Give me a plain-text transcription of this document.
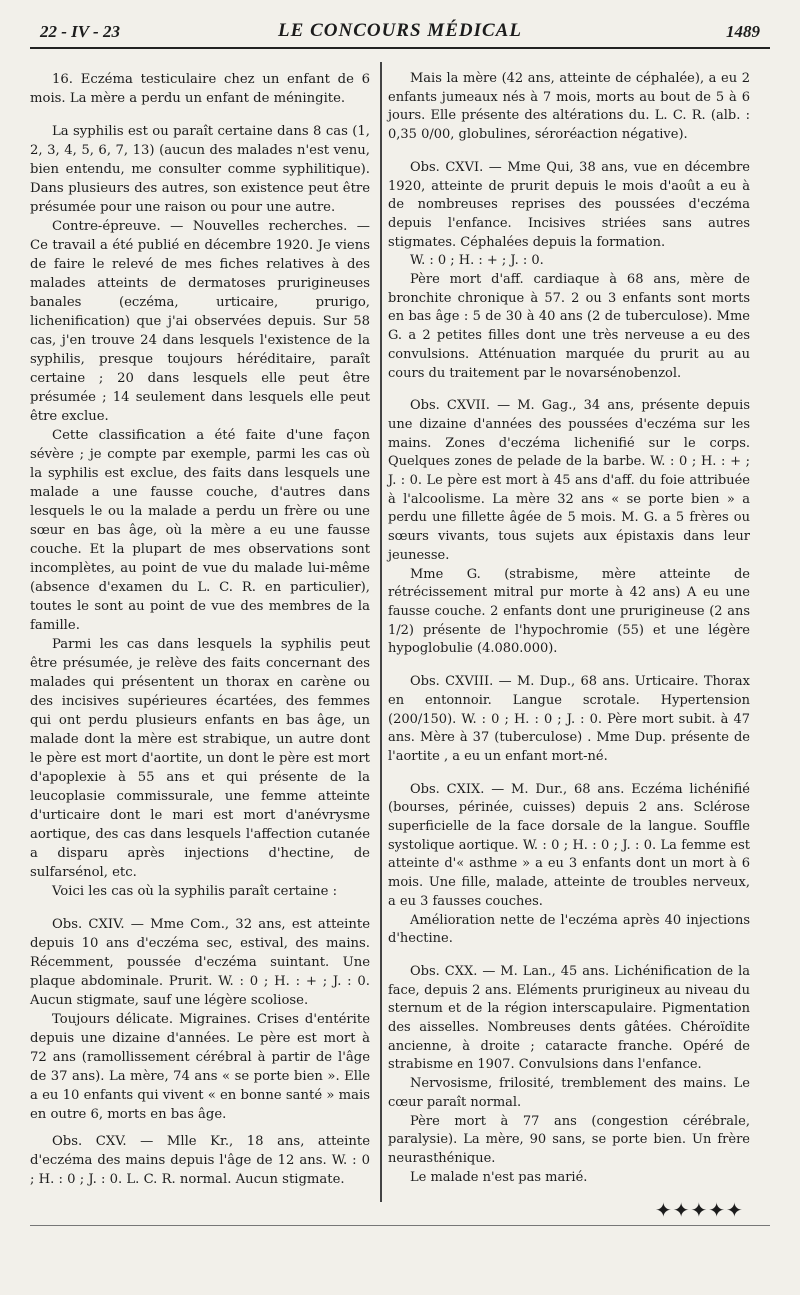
22 - IV - 23	LE CONCOURS MÉDICAL	1489

16. Eczéma testiculaire chez un enfant de 6 mois. La mère a perdu un enfant de méningite.

La syphilis est ou paraît certaine dans 8 cas (1, 2, 3, 4, 5, 6, 7, 13) (aucun des malades n'est venu, bien entendu, me consulter comme syphilitique). Dans plusieurs des autres, son existence peut être présumée pour une raison ou pour une autre.

Contre-épreuve. — Nouvelles recherches. — Ce travail a été publié en décembre 1920. Je viens de faire le relevé de mes fiches relatives à des malades atteints de dermatoses prurigineuses banales (eczéma, urticaire, prurigo, lichenification) que j'ai observées depuis. Sur 58 cas, j'en trouve 24 dans lesquels l'existence de la syphilis, presque toujours héréditaire, paraît certaine ; 20 dans lesquels elle peut être présumée ; 14 seulement dans lesquels elle peut être exclue.

Cette classification a été faite d'une façon sévère ; je compte par exemple, parmi les cas où la syphilis est exclue, des faits dans lesquels une malade a une fausse couche, d'autres dans lesquels le ou la malade a perdu un frère ou une sœur en bas âge, où la mère a eu une fausse couche. Et la plupart de mes observations sont incomplètes, au point de vue du malade lui-même (absence d'examen du L. C. R. en particulier), toutes le sont au point de vue des membres de la famille.

Parmi les cas dans lesquels la syphilis peut être présumée, je relève des faits concernant des malades qui présentent un thorax en carène ou des incisives supérieures écartées, des femmes qui ont perdu plusieurs enfants en bas âge, un malade dont la mère est strabique, un autre dont le père est mort d'aortite, un dont le père est mort d'apoplexie à 55 ans et qui présente de la leucoplasie commissurale, une femme atteinte d'urticaire dont le mari est mort d'anévrysme aortique, des cas dans lesquels l'affection cutanée a disparu après injections d'hectine, de sulfarsénol, etc.

Voici les cas où la syphilis paraît certaine :

Obs. CXIV. — Mme Com., 32 ans, est atteinte depuis 10 ans d'eczéma sec, estival, des mains. Récemment, poussée d'eczéma suintant. Une plaque abdominale. Prurit. W. : 0 ; H. : + ; J. : 0. Aucun stigmate, sauf une légère scoliose.

Toujours délicate. Migraines. Crises d'entérite depuis une dizaine d'années. Le père est mort à 72 ans (ramollissement cérébral à partir de l'âge de 37 ans). La mère, 74 ans « se porte bien ». Elle a eu 10 enfants qui vivent « en bonne santé » mais en outre 6, morts en bas âge.

Obs. CXV. — Mlle Kr., 18 ans, atteinte d'eczéma des mains depuis l'âge de 12 ans. W. : 0 ; H. : 0 ; J. : 0. L. C. R. normal. Aucun stigmate.

Mais la mère (42 ans, atteinte de céphalée), a eu 2 enfants jumeaux nés à 7 mois, morts au bout de 5 à 6 jours. Elle présente des altérations du. L. C. R. (alb. : 0,35 0/00, globulines, séroréaction négative).

Obs. CXVI. — Mme Qui, 38 ans, vue en décembre 1920, atteinte de prurit depuis le mois d'août a eu à de nombreuses reprises des poussées d'eczéma depuis l'enfance. Incisives striées sans autres stigmates. Céphalées depuis la formation.

W. : 0 ; H. : + ; J. : 0.

Père mort d'aff. cardiaque à 68 ans, mère de bronchite chronique à 57. 2 ou 3 enfants sont morts en bas âge : 5 de 30 à 40 ans (2 de tuberculose). Mme G. a 2 petites filles dont une très nerveuse a eu des convulsions. Atténuation marquée du prurit au au cours du traitement par le novarsénobenzol.

Obs. CXVII. — M. Gag., 34 ans, présente depuis une dizaine d'années des poussées d'eczéma sur les mains. Zones d'eczéma lichenifié sur le corps. Quelques zones de pelade de la barbe. W. : 0 ; H. : + ; J. : 0. Le père est mort à 45 ans d'aff. du foie attribuée à l'alcoolisme. La mère 32 ans « se porte bien » a perdu une fillette âgée de 5 mois. M. G. a 5 frères ou sœurs vivants, tous sujets aux épistaxis dans leur jeunesse.

Mme G. (strabisme, mère atteinte de rétrécissement mitral pur morte à 42 ans) A eu une fausse couche. 2 enfants dont une prurigineuse (2 ans 1/2) présente de l'hypochromie (55) et une légère hypoglobulie (4.080.000).

Obs. CXVIII. — M. Dup., 68 ans. Urticaire. Thorax en entonnoir. Langue scrotale. Hypertension (200/150). W. : 0 ; H. : 0 ; J. : 0. Père mort subit. à 47 ans. Mère à 37 (tuberculose) . Mme Dup. présente de l'aortite , a eu un enfant mort-né.

Obs. CXIX. — M. Dur., 68 ans. Eczéma lichénifié (bourses, périnée, cuisses) depuis 2 ans. Sclérose superficielle de la face dorsale de la langue. Souffle systolique aortique. W. : 0 ; H. : 0 ; J. : 0. La femme est atteinte d'« asthme » a eu 3 enfants dont un mort à 6 mois. Une fille, malade, atteinte de troubles nerveux, a eu 3 fausses couches.

Amélioration nette de l'eczéma après 40 injections d'hectine.

Obs. CXX. — M. Lan., 45 ans. Lichénification de la face, depuis 2 ans. Eléments prurigineux au niveau du sternum et de la région interscapulaire. Pigmentation des aisselles. Nombreuses dents gâtées. Chéroïdite ancienne, à droite ; cataracte franche. Opéré de strabisme en 1907. Convulsions dans l'enfance.

Nervosisme, frilosité, tremblement des mains. Le cœur paraît normal.

Père mort à 77 ans (congestion cérébrale, paralysie). La mère, 90 sans, se porte bien. Un frère neurasthénique.

Le malade n'est pas marié.

✦✦✦✦✦
